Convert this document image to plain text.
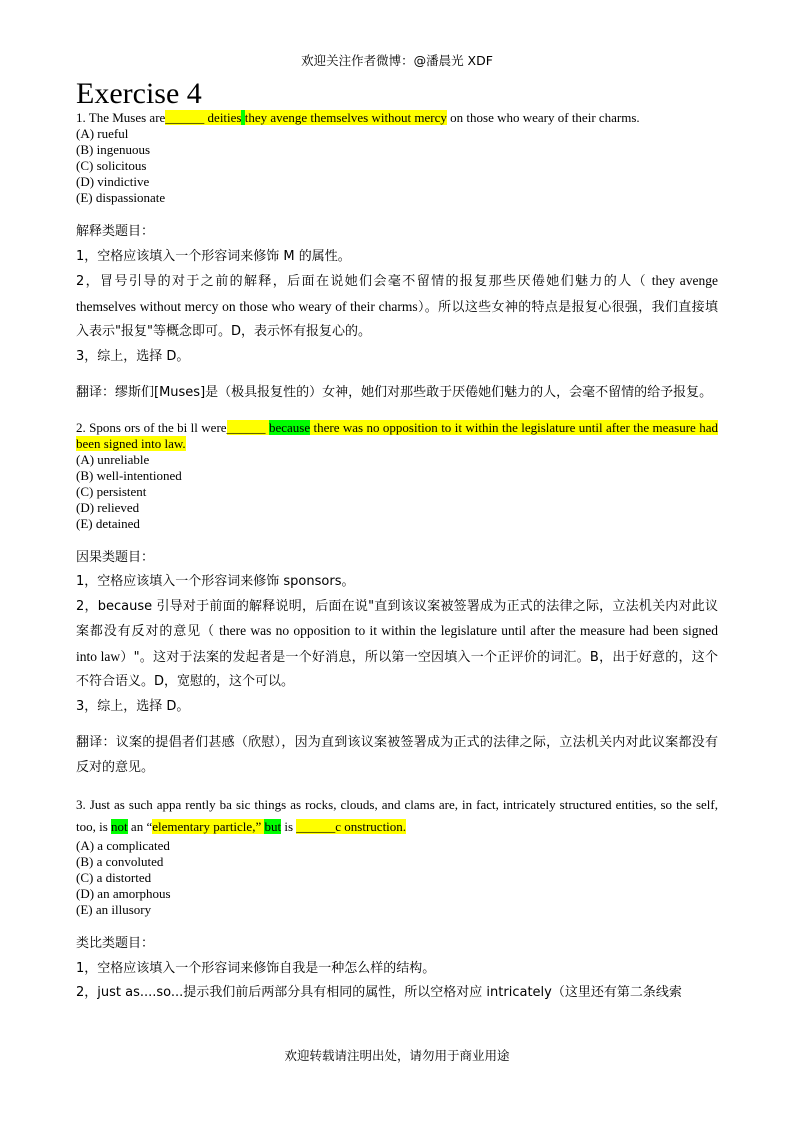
欢迎关注作者微博：@潘晨光 XDF
Exercise 4
1. The Muses are______ deities they avenge themselves without mercy on those who weary of their charms.
(A) rueful
(B) ingenuous
(C) solicitous
(D) vindictive
(E) dispassionate
解释类题目：
1，空格应该填入一个形容词来修饰 M 的属性。
2，冒号引导的对于之前的解释，后面在说她们会毫不留情的报复那些厌倦她们魅力的人（ they avenge themselves without mercy on those who weary of their charms）。所以这些女神的特点是报复心很强，我们直接填入表示"报复"等概念即可。D，表示怀有报复心的。
3，综上，选择 D。
翻译：缪斯们[Muses]是（极具报复性的）女神，她们对那些敢于厌倦她们魅力的人，会毫不留情的给予报复。
2. Spons ors of the bi ll were______ because there was no opposition to it within the legislature until after the measure had been signed into law.
(A) unreliable
(B) well-intentioned
(C) persistent
(D) relieved
(E) detained
因果类题目：
1，空格应该填入一个形容词来修饰 sponsors。
2，because 引导对于前面的解释说明，后面在说"直到该议案被签署成为正式的法律之际，立法机关内对此议案都没有反对的意见（ there was no opposition to it within the legislature until after the measure had been signed into law）"。这对于法案的发起者是一个好消息，所以第一空因填入一个正评价的词汇。B，出于好意的，这个不符合语义。D，宽慰的，这个可以。
3，综上，选择 D。
翻译：议案的提倡者们甚感（欣慰），因为直到该议案被签署成为正式的法律之际，立法机关内对此议案都没有反对的意见。
3. Just as such appa rently ba sic things as rocks, clouds, and clams are, in fact, intricately structured entities, so the self, too, is not an “elementary particle,” but is ______c onstruction.
(A) a complicated
(B) a convoluted
(C) a distorted
(D) an amorphous
(E) an illusory
类比类题目：
1，空格应该填入一个形容词来修饰自我是一种怎么样的结构。
2，just as....so...提示我们前后两部分具有相同的属性，所以空格对应 intricately（这里还有第二条线索
欢迎转载请注明出处，请勿用于商业用途
